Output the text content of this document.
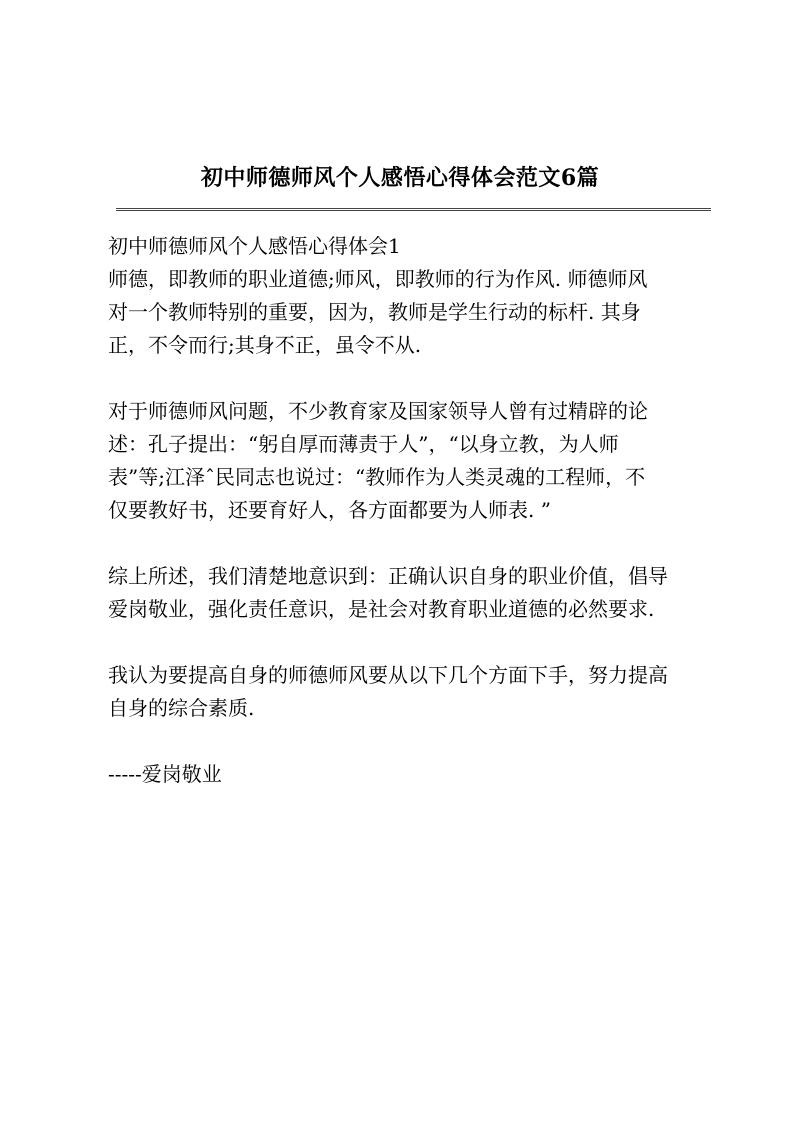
初中师德师风个人感悟心得体会范文6篇
初中师德师风个人感悟心得体会1
师德，即教师的职业道德;师风，即教师的行为作风. 师德师风
对一个教师特别的重要，因为，教师是学生行动的标杆. 其身
正，不令而行;其身不正，虽令不从.
对于师德师风问题，不少教育家及国家领导人曾有过精辟的论
述：孔子提出：“躬自厚而薄责于人”，“以身立教，为人师
表”等;江泽ˆ民同志也说过：“教师作为人类灵魂的工程师，不
仅要教好书，还要育好人，各方面都要为人师表. ”
综上所述，我们清楚地意识到：正确认识自身的职业价值，倡导
爱岗敬业，强化责任意识，是社会对教育职业道德的必然要求.
我认为要提高自身的师德师风要从以下几个方面下手，努力提高
自身的综合素质.
-----爱岗敬业
